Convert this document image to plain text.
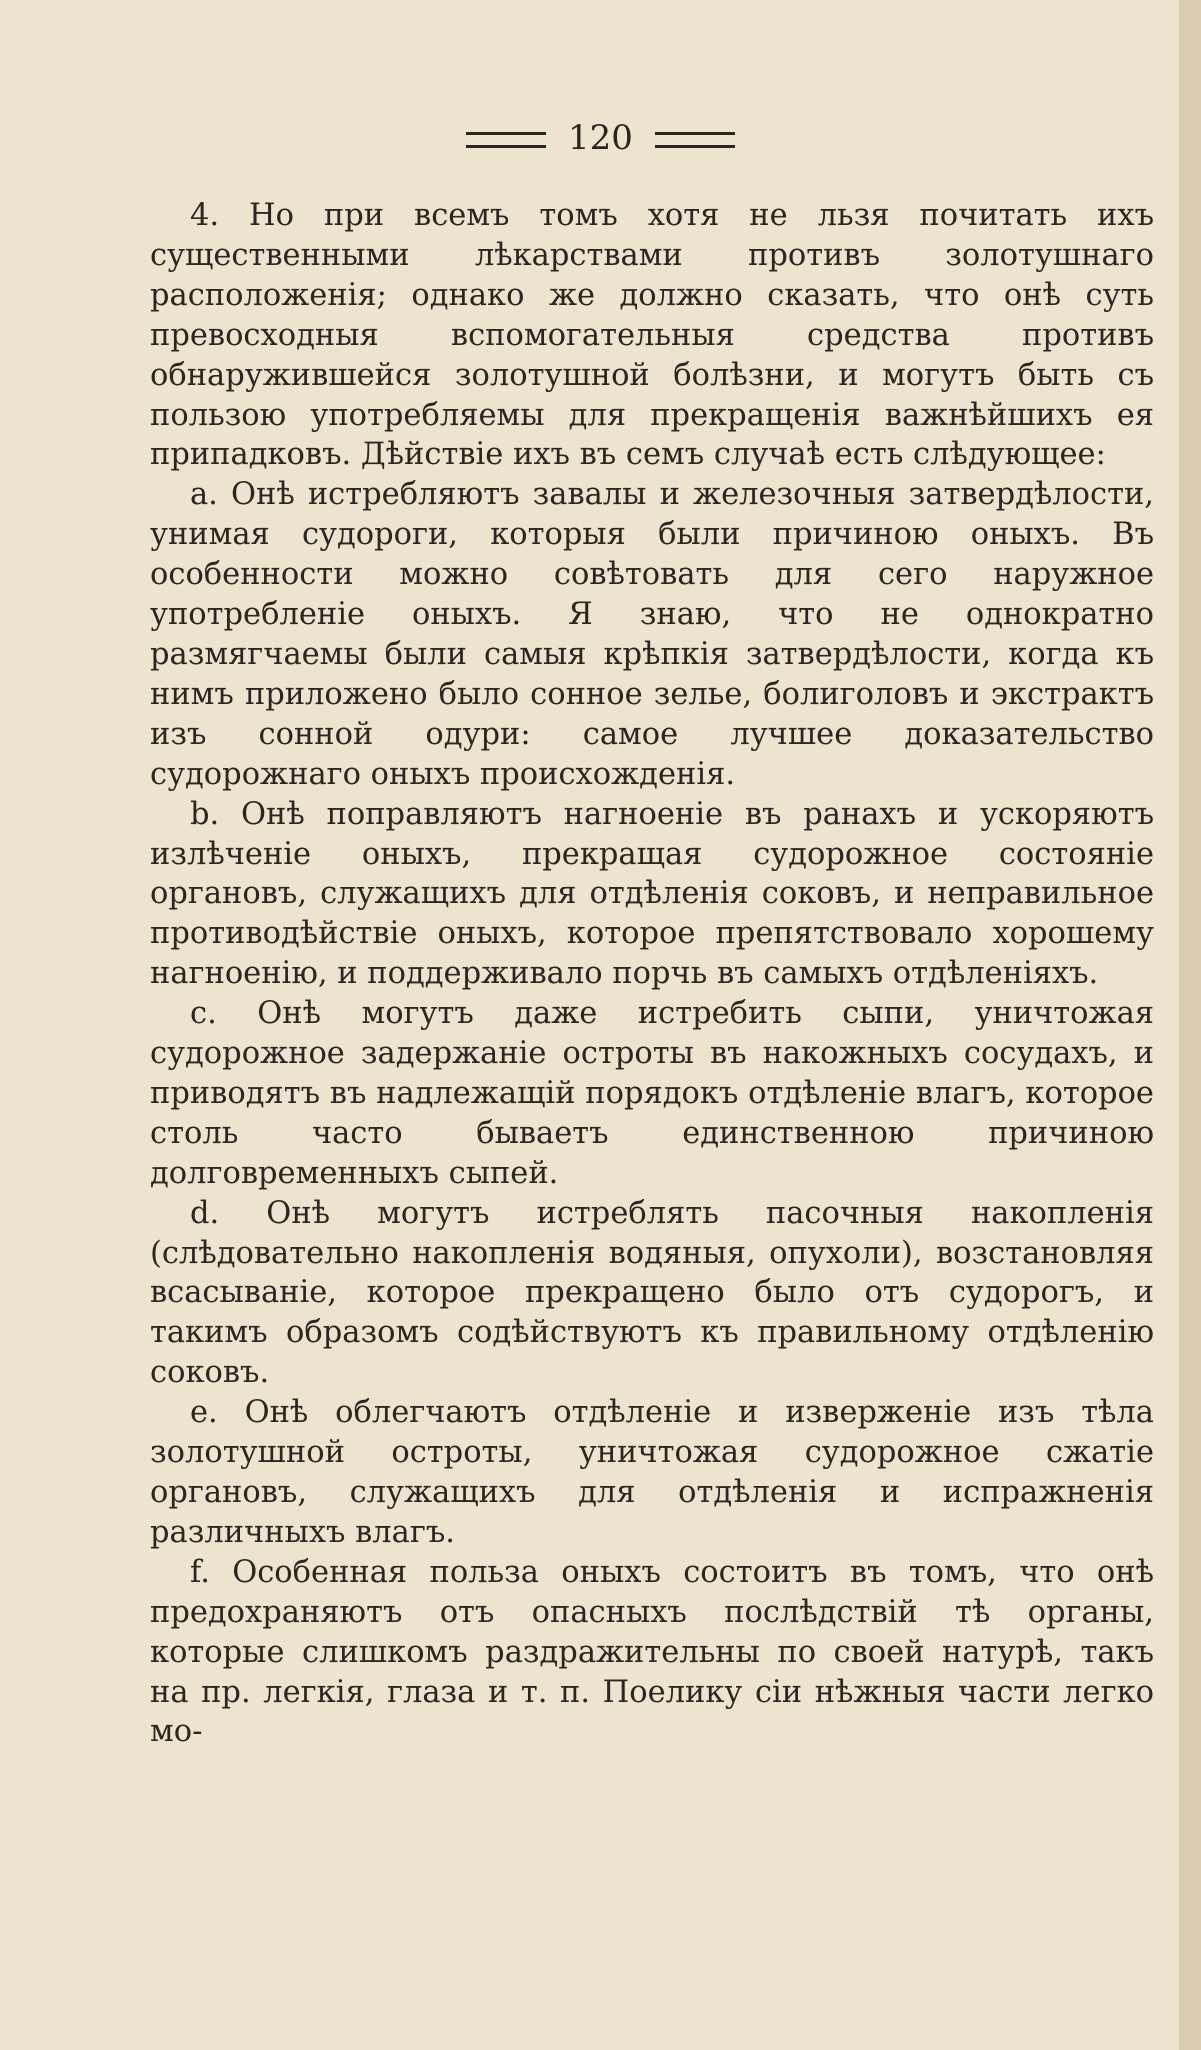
120

4. Но при всемъ томъ хотя не льзя почитать ихъ существенными лѣкарствами противъ золотушнаго расположенія; однако же должно сказать, что онѣ суть превосходныя вспомогательныя средства противъ обнаружившейся золотушной болѣзни, и могутъ быть съ пользою употребляемы для прекращенія важнѣйшихъ ея припадковъ. Дѣйствіе ихъ въ семъ случаѣ есть слѣдующее:

a. Онѣ истребляютъ завалы и железочныя затвердѣлости, унимая судороги, которыя были причиною оныхъ. Въ особенности можно совѣтовать для сего наружное употребленіе оныхъ. Я знаю, что не однократно размягчаемы были самыя крѣпкія затвердѣлости, когда къ нимъ приложено было сонное зелье, болиголовъ и экстрактъ изъ сонной одури: самое лучшее доказательство судорожнаго оныхъ происхожденія.

b. Онѣ поправляютъ нагноеніе въ ранахъ и ускоряютъ излѣченіе оныхъ, прекращая судорожное состояніе органовъ, служащихъ для отдѣленія соковъ, и неправильное противодѣйствіе оныхъ, которое препятствовало хорошему нагноенію, и поддерживало порчь въ самыхъ отдѣленіяхъ.

c. Онѣ могутъ даже истребить сыпи, уничтожая судорожное задержаніе остроты въ накожныхъ сосудахъ, и приводятъ въ надлежащій порядокъ отдѣленіе влагъ, которое столь часто бываетъ единственною причиною долговременныхъ сыпей.

d. Онѣ могутъ истреблять пасочныя накопленія (слѣдовательно накопленія водяныя, опухоли), возстановляя всасываніе, которое прекращено было отъ судорогъ, и такимъ образомъ содѣйствуютъ къ правильному отдѣленію соковъ.

e. Онѣ облегчаютъ отдѣленіе и изверженіе изъ тѣла золотушной остроты, уничтожая судорожное сжатіе органовъ, служащихъ для отдѣленія и испражненія различныхъ влагъ.

f. Особенная польза оныхъ состоитъ въ томъ, что онѣ предохраняютъ отъ опасныхъ послѣдствій тѣ органы, которые слишкомъ раздражительны по своей натурѣ, такъ на пр. легкія, глаза и т. п. Поелику сіи нѣжныя части легко мо-
